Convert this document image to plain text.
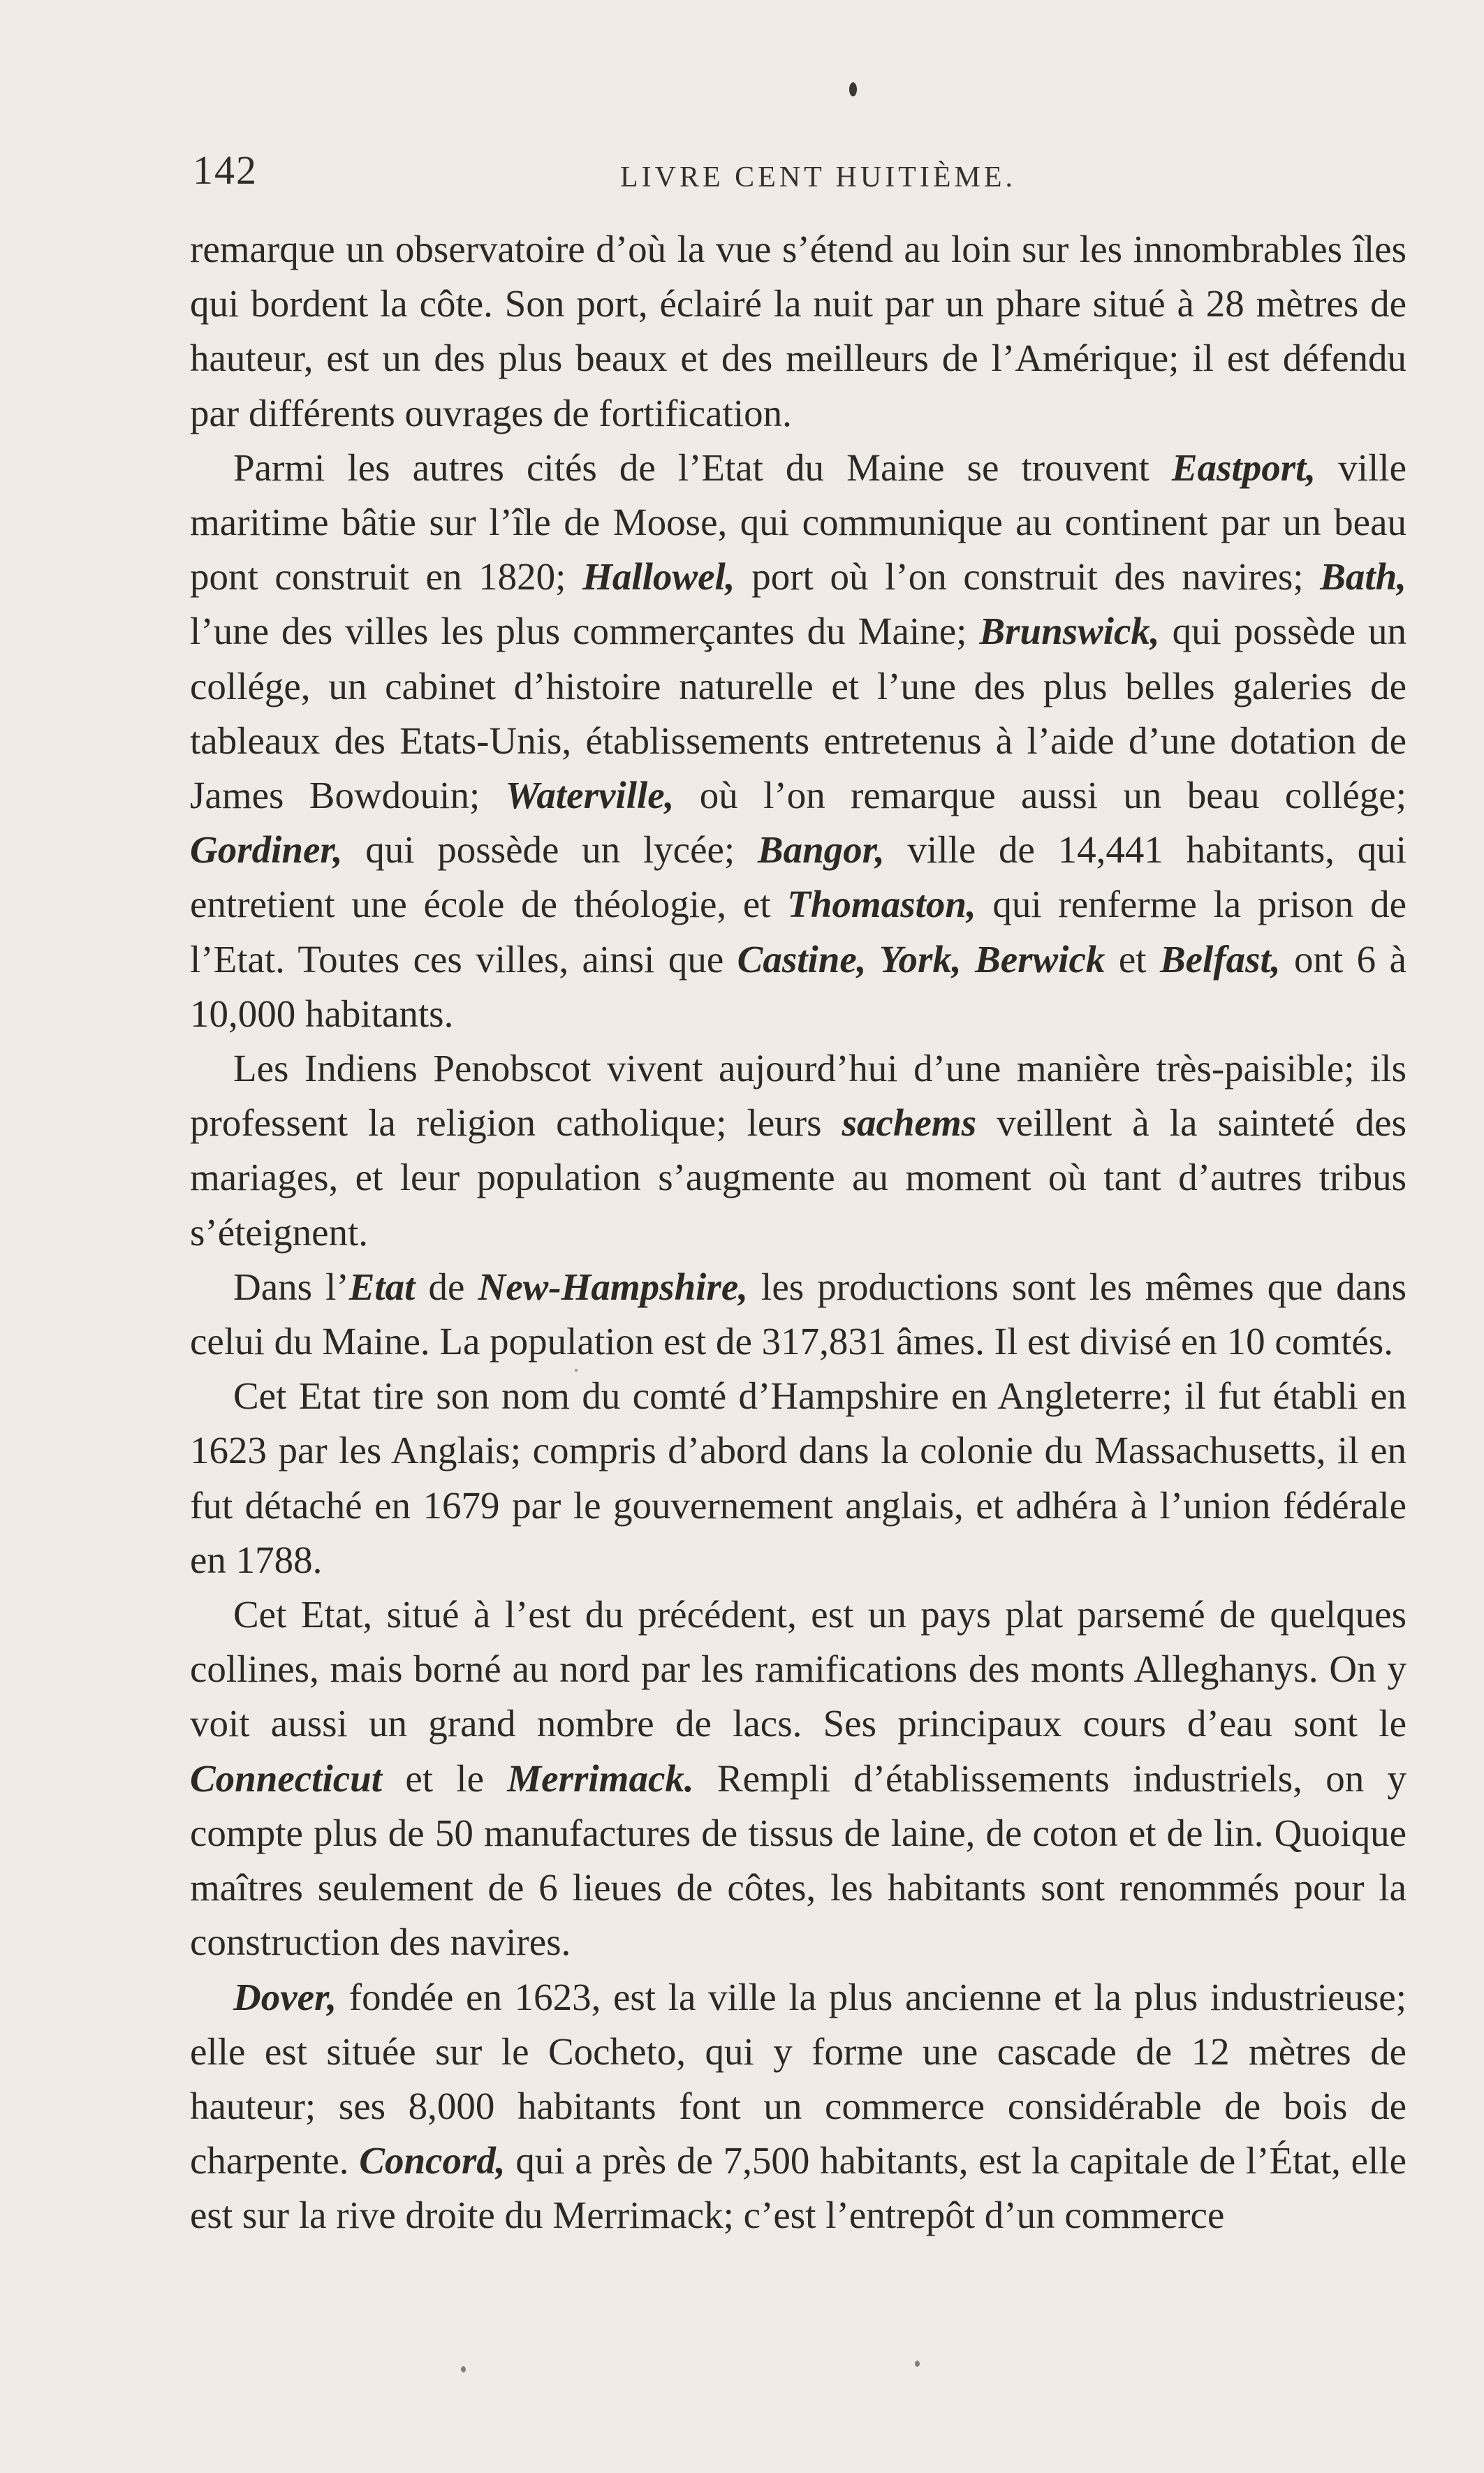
142	LIVRE CENT HUITIÈME.

remarque un observatoire d’où la vue s’étend au loin sur les innombrables îles qui bordent la côte. Son port, éclairé la nuit par un phare situé à 28 mètres de hauteur, est un des plus beaux et des meilleurs de l’Amérique; il est défendu par différents ouvrages de fortification.

Parmi les autres cités de l’Etat du Maine se trouvent Eastport, ville maritime bâtie sur l’île de Moose, qui communique au continent par un beau pont construit en 1820; Hallowel, port où l’on construit des navires; Bath, l’une des villes les plus commerçantes du Maine; Brunswick, qui possède un collége, un cabinet d’histoire naturelle et l’une des plus belles galeries de tableaux des Etats-Unis, établissements entretenus à l’aide d’une dotation de James Bowdouin; Waterville, où l’on remarque aussi un beau collége; Gordiner, qui possède un lycée; Bangor, ville de 14,441 habitants, qui entretient une école de théologie, et Thomaston, qui renferme la prison de l’Etat. Toutes ces villes, ainsi que Castine, York, Berwick et Belfast, ont 6 à 10,000 habitants.

Les Indiens Penobscot vivent aujourd’hui d’une manière très-paisible; ils professent la religion catholique; leurs sachems veillent à la sainteté des mariages, et leur population s’augmente au moment où tant d’autres tribus s’éteignent.

Dans l’Etat de New-Hampshire, les productions sont les mêmes que dans celui du Maine. La population est de 317,831 âmes. Il est divisé en 10 comtés.

Cet Etat tire son nom du comté d’Hampshire en Angleterre; il fut établi en 1623 par les Anglais; compris d’abord dans la colonie du Massachusetts, il en fut détaché en 1679 par le gouvernement anglais, et adhéra à l’union fédérale en 1788.

Cet Etat, situé à l’est du précédent, est un pays plat parsemé de quelques collines, mais borné au nord par les ramifications des monts Alleghanys. On y voit aussi un grand nombre de lacs. Ses principaux cours d’eau sont le Connecticut et le Merrimack. Rempli d’établissements industriels, on y compte plus de 50 manufactures de tissus de laine, de coton et de lin. Quoique maîtres seulement de 6 lieues de côtes, les habitants sont renommés pour la construction des navires.

Dover, fondée en 1623, est la ville la plus ancienne et la plus industrieuse; elle est située sur le Cocheto, qui y forme une cascade de 12 mètres de hauteur; ses 8,000 habitants font un commerce considérable de bois de charpente. Concord, qui a près de 7,500 habitants, est la capitale de l’État, elle est sur la rive droite du Merrimack; c’est l’entrepôt d’un commerce
